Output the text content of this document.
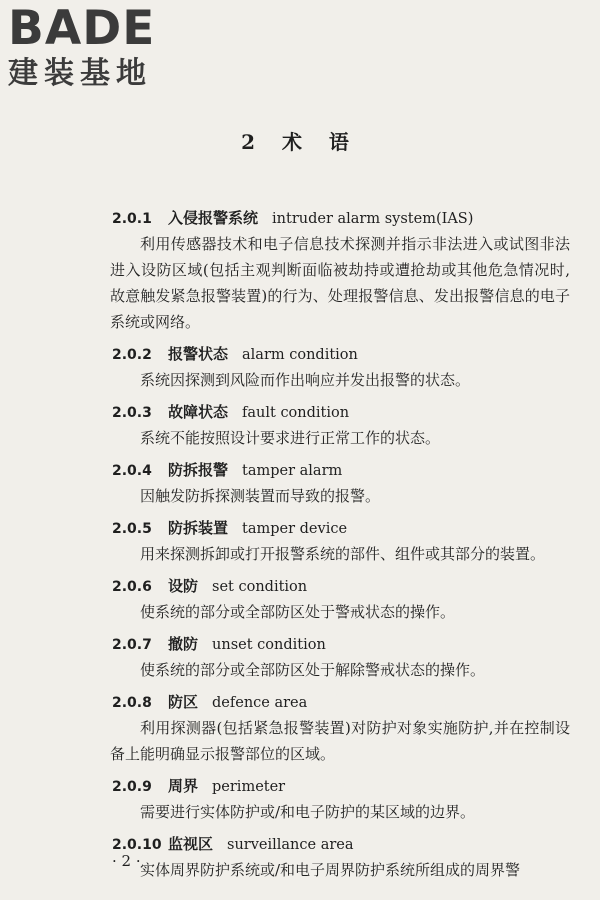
BADE
建装基地
2 术 语
2.0.1 入侵报警系统 intruder alarm system(IAS)
利用传感器技术和电子信息技术探测并指示非法进入或试图非法进入设防区域(包括主观判断面临被劫持或遭抢劫或其他危急情况时,故意触发紧急报警装置)的行为、处理报警信息、发出报警信息的电子系统或网络。
2.0.2 报警状态 alarm condition
系统因探测到风险而作出响应并发出报警的状态。
2.0.3 故障状态 fault condition
系统不能按照设计要求进行正常工作的状态。
2.0.4 防拆报警 tamper alarm
因触发防拆探测装置而导致的报警。
2.0.5 防拆装置 tamper device
用来探测拆卸或打开报警系统的部件、组件或其部分的装置。
2.0.6 设防 set condition
使系统的部分或全部防区处于警戒状态的操作。
2.0.7 撤防 unset condition
使系统的部分或全部防区处于解除警戒状态的操作。
2.0.8 防区 defence area
利用探测器(包括紧急报警装置)对防护对象实施防护,并在控制设备上能明确显示报警部位的区域。
2.0.9 周界 perimeter
需要进行实体防护或/和电子防护的某区域的边界。
2.0.10 监视区 surveillance area
实体周界防护系统或/和电子周界防护系统所组成的周界警
· 2 ·
